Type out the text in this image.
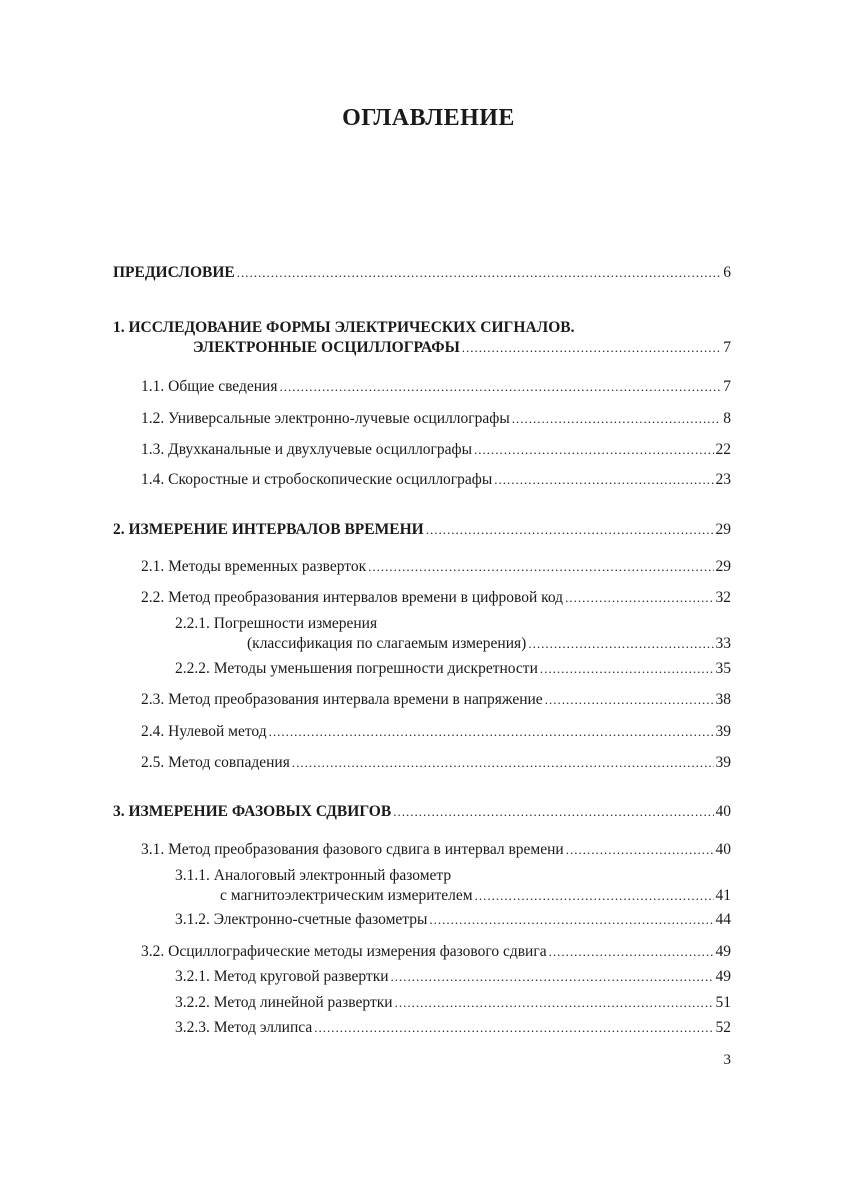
ОГЛАВЛЕНИЕ
ПРЕДИСЛОВИЕ .....	6
1. ИССЛЕДОВАНИЕ ФОРМЫ ЭЛЕКТРИЧЕСКИХ СИГНАЛОВ.
ЭЛЕКТРОННЫЕ ОСЦИЛЛОГРАФЫ .....	7
1.1. Общие сведения .....	7
1.2. Универсальные электронно-лучевые осциллографы .....	8
1.3. Двухканальные и двухлучевые осциллографы .....	22
1.4. Скоростные и стробоскопические осциллографы .....	23
2. ИЗМЕРЕНИЕ ИНТЕРВАЛОВ ВРЕМЕНИ .....	29
2.1. Методы временных разверток .....	29
2.2. Метод преобразования интервалов времени в цифровой код .....	32
2.2.1. Погрешности измерения
(классификация по слагаемым измерения) .....	33
2.2.2. Методы уменьшения погрешности дискретности .....	35
2.3. Метод преобразования интервала времени в напряжение .....	38
2.4. Нулевой метод .....	39
2.5. Метод совпадения .....	39
3. ИЗМЕРЕНИЕ ФАЗОВЫХ СДВИГОВ .....	40
3.1. Метод преобразования фазового сдвига в интервал времени .....	40
3.1.1. Аналоговый электронный фазометр
с магнитоэлектрическим измерителем .....	41
3.1.2. Электронно-счетные фазометры .....	44
3.2. Осциллографические методы измерения фазового сдвига .....	49
3.2.1. Метод круговой развертки .....	49
3.2.2. Метод линейной развертки .....	51
3.2.3. Метод эллипса .....	52
3
